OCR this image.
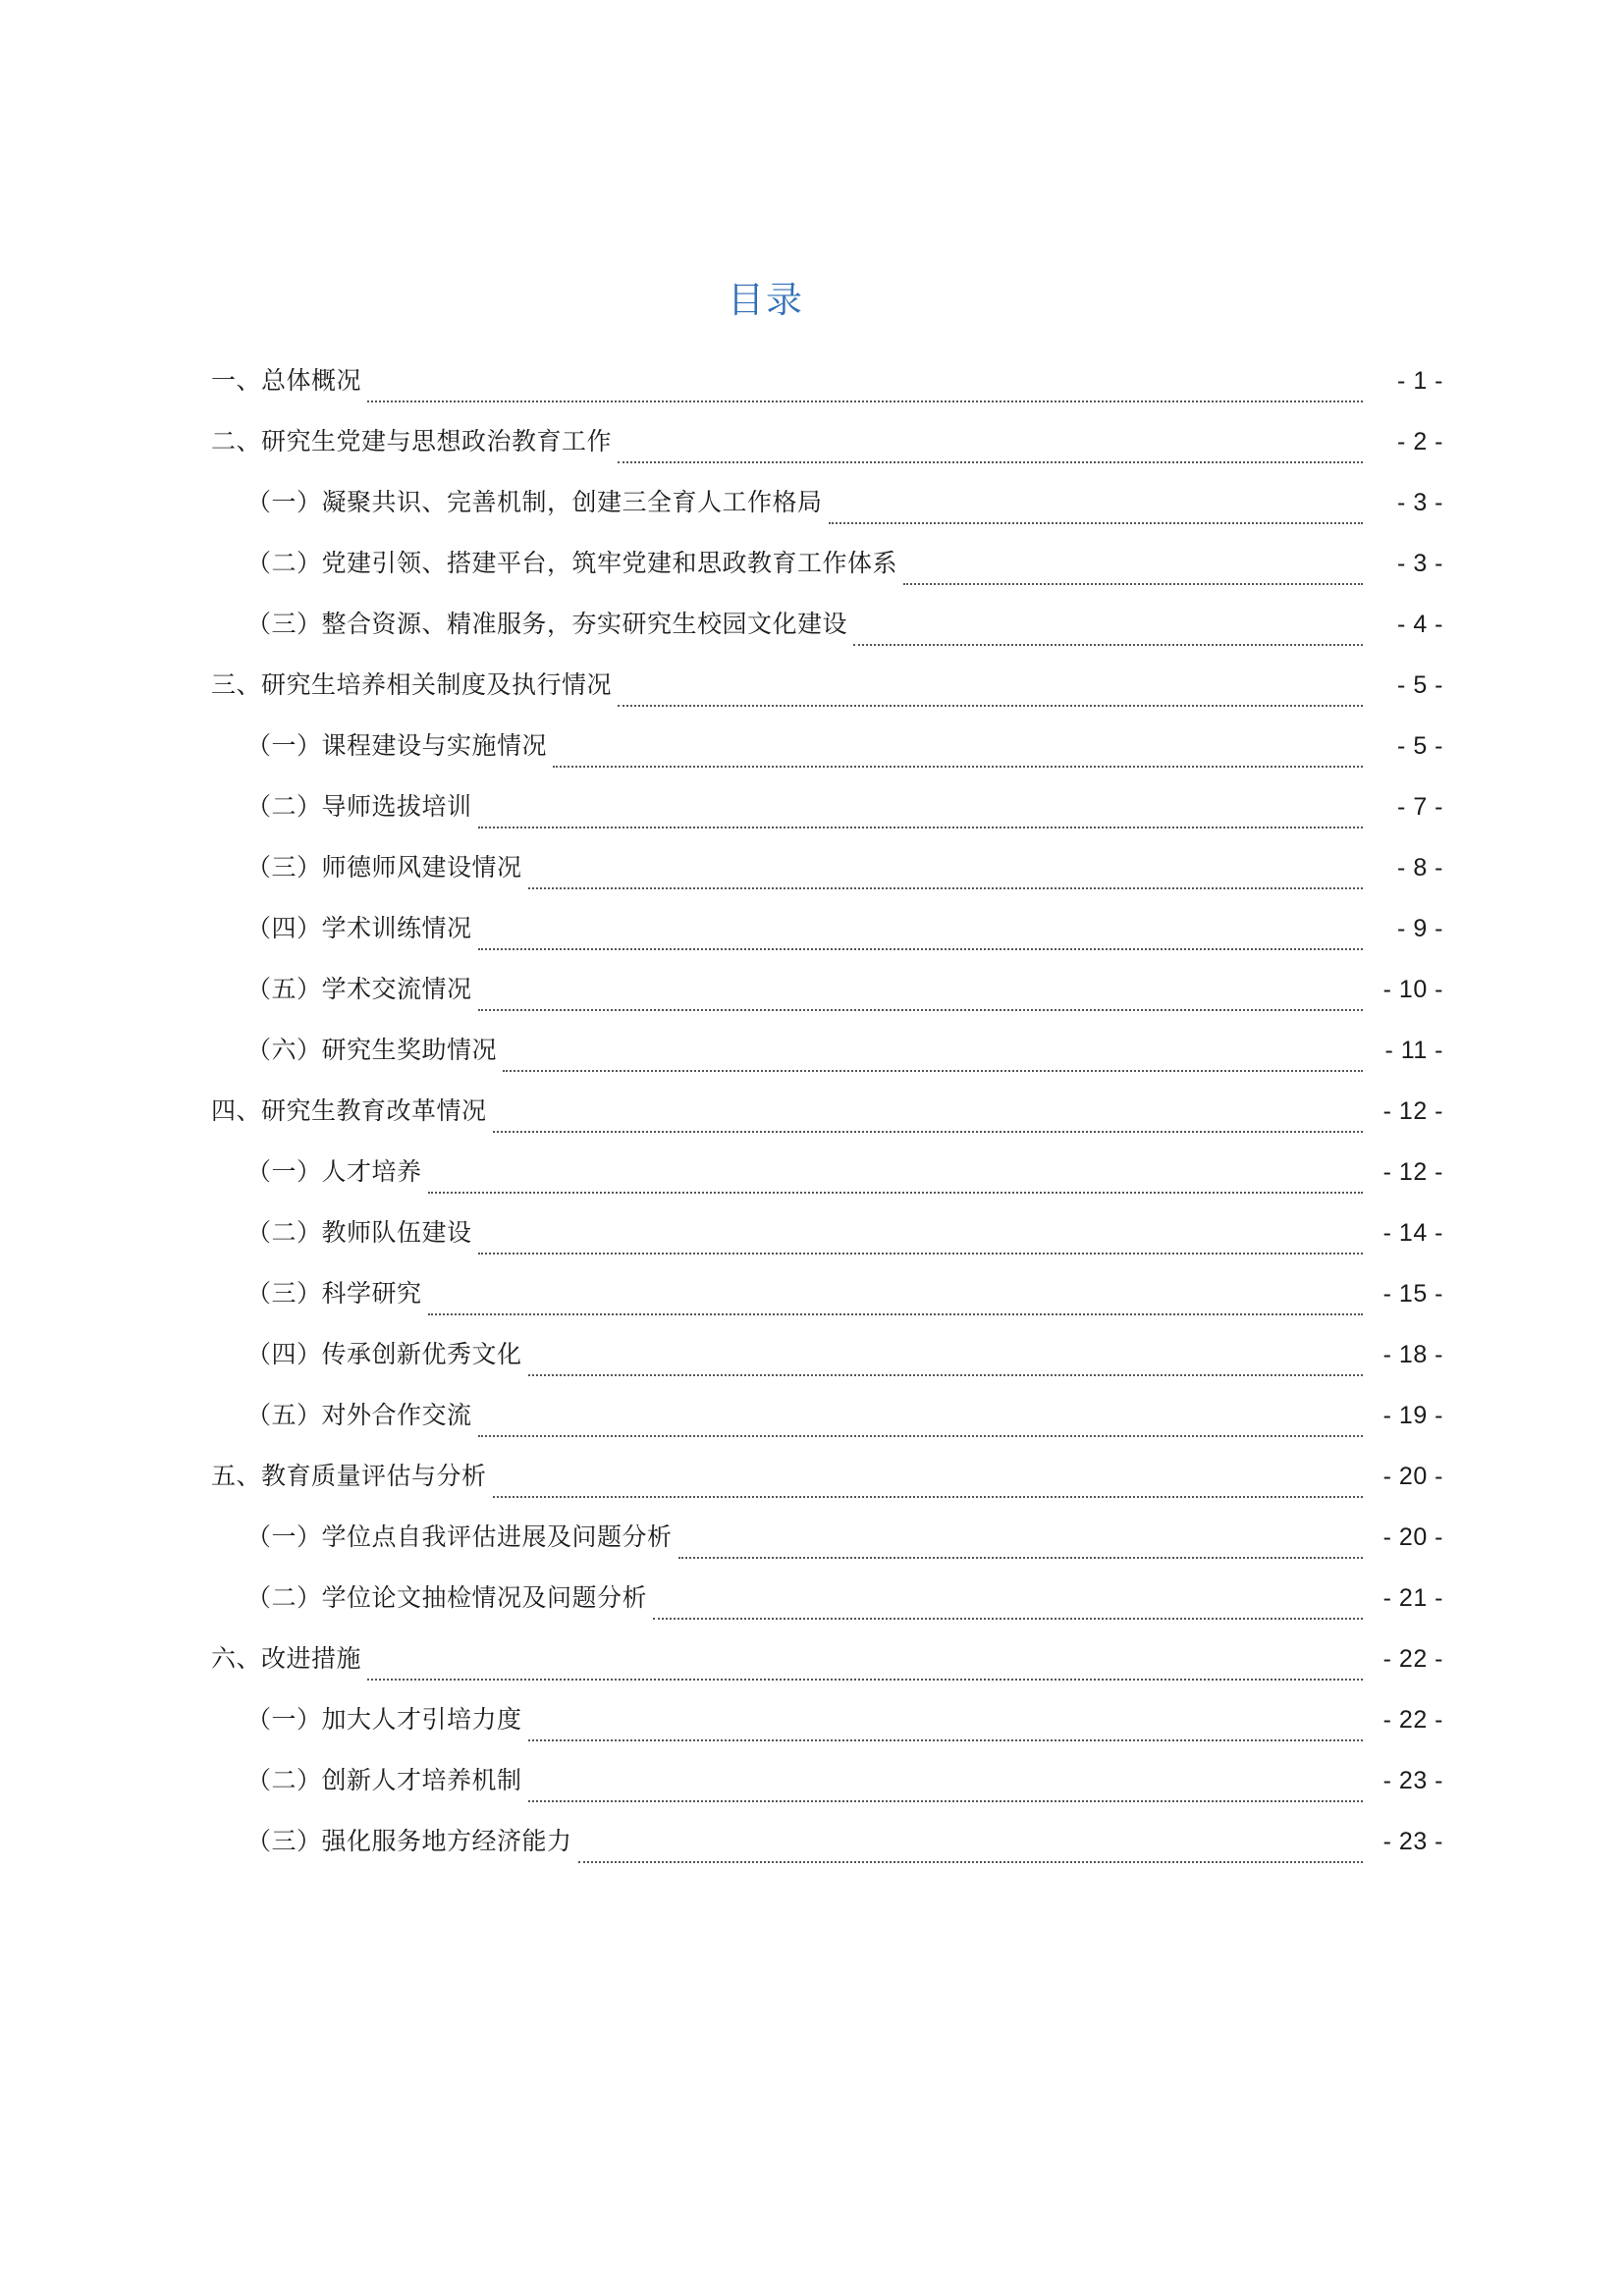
目录
一、总体概况	- 1 -
二、研究生党建与思想政治教育工作	- 2 -
（一）凝聚共识、完善机制，创建三全育人工作格局	- 3 -
（二）党建引领、搭建平台，筑牢党建和思政教育工作体系	- 3 -
（三）整合资源、精准服务，夯实研究生校园文化建设	- 4 -
三、研究生培养相关制度及执行情况	- 5 -
（一）课程建设与实施情况	- 5 -
（二）导师选拔培训	- 7 -
（三）师德师风建设情况	- 8 -
（四）学术训练情况	- 9 -
（五）学术交流情况	- 10 -
（六）研究生奖助情况	- 11 -
四、研究生教育改革情况	- 12 -
（一）人才培养	- 12 -
（二）教师队伍建设	- 14 -
（三）科学研究	- 15 -
（四）传承创新优秀文化	- 18 -
（五）对外合作交流	- 19 -
五、教育质量评估与分析	- 20 -
（一）学位点自我评估进展及问题分析	- 20 -
（二）学位论文抽检情况及问题分析	- 21 -
六、改进措施	- 22 -
（一）加大人才引培力度	- 22 -
（二）创新人才培养机制	- 23 -
（三）强化服务地方经济能力	- 23 -
